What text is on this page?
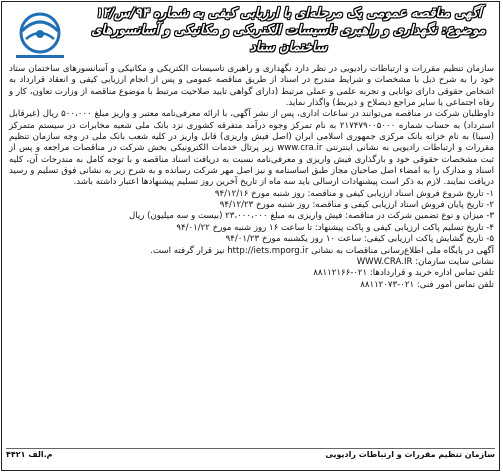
آگهی مناقصه عمومی یک مرحله‌ای با ارزیابی کیفی به شماره ۹۴/س/۱۲

موضوع: نگهداری و راهبری تاسیسات الکتریکی و مکانیکی و آسانسورهای

ساختمان ستاد

سازمان تنظیم مقررات و ارتباطات رادیویی در نظر دارد نگهداری و راهبری تاسیسات الکتریکی و مکانیکی و آسانسورهای ساختمان ستاد خود را به شرح ذیل با مشخصات و شرایط مندرج در اسناد از طریق مناقصه عمومی و پس از انجام ارزیابی کیفی و انعقاد قرارداد به اشخاص حقوقی دارای توانایی و تجربه علمی و عملی مرتبط (دارای گواهی تایید صلاحیت مرتبط با موضوع مناقصه از وزارت تعاون، کار و رفاه اجتماعی یا سایر مراجع ذیصلاح و ذیربط) واگذار نماید.

داوطلبان شرکت در مناقصه می‌توانند در ساعات اداری، پس از نشر آگهی، با ارائه معرفی‌نامه معتبر و واریز مبلغ ۵۰۰،۰۰۰ ریال (غیرقابل استرداد) به حساب شماره ۲۱۷۴۷۹۰۰۵۰۰۰ به نام تمرکز وجوه درآمد متفرقه کشوری نزد بانک ملی شعبه مخابرات در سیستم متمرکز (سیبا) به نام خزانه بانک مرکزی جمهوری اسلامی ایران (اصل فیش واریزی) قابل واریز در کلیه شعب بانک ملی در وجه سازمان تنظیم مقررات و ارتباطات رادیویی به نشانی اینترنتی www.cra.ir زیر پرتال خدمات الکترونیکی بخش شرکت در مناقصات مراجعه و پس از ثبت مشخصات حقوقی خود و بارگذاری فیش واریزی و معرفی‌نامه نسبت به دریافت اسناد مناقصه و با توجه کامل به مندرجات آن، کلیه اسناد و مدارک را به امضاء اصل صاحبان مجاز طبق اساسنامه و نیز اصل مهر شرکت رسانده و به شرح زیر به نشانی فوق تسلیم و رسید دریافت نمایند. لازم به ذکر است پیشنهادات ارسالی باید سه ماه از تاریخ آخرین روز تسلیم پیشنهادها اعتبار داشته باشد.

۱- تاریخ شروع فروش اسناد ارزیابی کیفی و مناقصه: روز شنبه مورخ ۹۴/۱۲/۱۶

۲- تاریخ پایان فروش اسناد ارزیابی کیفی و مناقصه: روز شنبه مورخ ۹۴/۱۲/۲۳

۳- میزان و نوع تضمین شرکت در مناقصه: فیش واریزی به مبلغ ۲۳،۰۰۰،۰۰۰ (بیست و سه میلیون) ریال

۴- تاریخ تسلیم پاکت ارزیابی کیفی و پاکت پیشنهاد: تا ساعت ۱۶ روز شنبه مورخ ۹۴/۰۱/۲۲

۵- تاریخ گشایش پاکت ارزیابی کیفی: ساعت ۱۰ روز یکشنبه مورخ ۹۴/۰۱/۲۳

آگهی در پایگاه ملی اطلاع‌رسانی مناقصات به نشانی http://iets.mporg.ir نیز قرار گرفته است.

نشانی سایت سازمان: WWW.CRA.IR

تلفن تماس اداره خرید و قراردادها: ۰۲۱-۸۸۱۱۲۱۶۶

تلفن تماس امور فنی: ۰۲۱-۸۸۱۱۲۰۷۳

سازمان تنظیم مقررات و ارتباطات رادیویی
م.الف ۴۴۲۱
